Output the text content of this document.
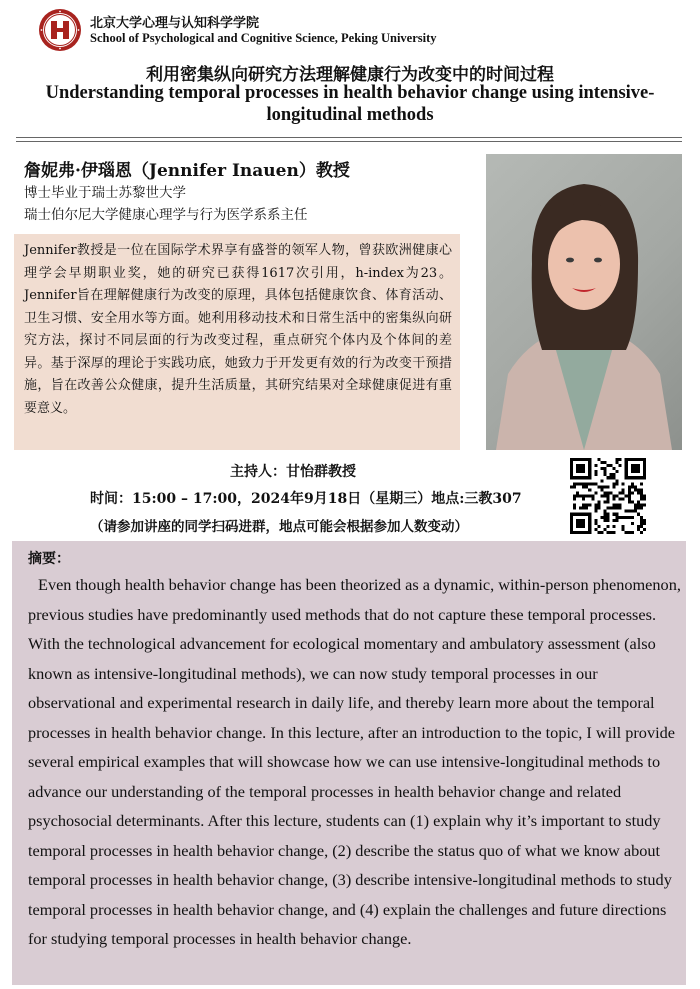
北京大学心理与认知科学学院
School of Psychological and Cognitive Science, Peking University
利用密集纵向研究方法理解健康行为改变中的时间过程
Understanding temporal processes in health behavior change using intensive-longitudinal methods
詹妮弗·伊瑙恩（Jennifer Inauen）教授
博士毕业于瑞士苏黎世大学
瑞士伯尔尼大学健康心理学与行为医学系系主任
Jennifer教授是一位在国际学术界享有盛誉的领军人物，曾获欧洲健康心理学会早期职业奖，她的研究已获得1617次引用，h-index为23。Jennifer旨在理解健康行为改变的原理，具体包括健康饮食、体育活动、卫生习惯、安全用水等方面。她利用移动技术和日常生活中的密集纵向研究方法，探讨不同层面的行为改变过程，重点研究个体内及个体间的差异。基于深厚的理论于实践功底，她致力于开发更有效的行为改变干预措施，旨在改善公众健康，提升生活质量，其研究结果对全球健康促进有重要意义。
主持人：甘怡群教授
时间：15:00 – 17:00，2024年9月18日（星期三）地点:三教307
（请参加讲座的同学扫码进群，地点可能会根据参加人数变动）
摘要：
Even though health behavior change has been theorized as a dynamic, within-person phenomenon, previous studies have predominantly used methods that do not capture these temporal processes. With the technological advancement for ecological momentary and ambulatory assessment (also known as intensive-longitudinal methods), we can now study temporal processes in our observational and experimental research in daily life, and thereby learn more about the temporal processes in health behavior change. In this lecture, after an introduction to the topic, I will provide several empirical examples that will showcase how we can use intensive-longitudinal methods to advance our understanding of the temporal processes in health behavior change and related psychosocial determinants. After this lecture, students can (1) explain why it’s important to study temporal processes in health behavior change, (2) describe the status quo of what we know about temporal processes in health behavior change, (3) describe intensive-longitudinal methods to study temporal processes in health behavior change, and (4) explain the challenges and future directions for studying temporal processes in health behavior change.
